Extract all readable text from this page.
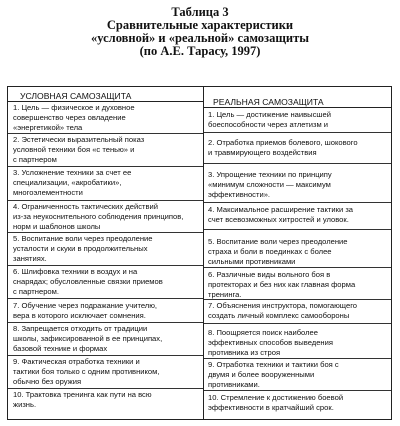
Таблица 3
Сравнительные характеристики
«условной» и «реальной» самозащиты
(по А.Е. Тарасу, 1997)
УСЛОВНАЯ САМОЗАЩИТА
РЕАЛЬНАЯ САМОЗАЩИТА
1. Цель — физическое и духовное
совершенство через овладение
«энергетикой» тела
2. Эстетически выразительный показ
условной техники боя «с тенью» и
с партнером
3. Усложнение техники за счет ее
специализации, «акробатики»,
многоэлементности
4. Ограниченность тактических действий
из-за неукоснительного соблюдения принципов,
норм и шаблонов школы
5. Воспитание воли через преодоление
усталости и скуки в продолжительных
занятиях.
6. Шлифовка техники в воздух и на
снарядах; обусловленные связки приемов
с партнером.
7. Обучение через подражание учителю,
вера в которого исключает сомнения.
8. Запрещается отходить от традиции
школы, зафиксированной в ее принципах,
базовой технике и формах
9. Фактическая отработка техники и
тактики боя только с одним противником,
обычно без оружия
10. Трактовка тренинга как пути на всю
жизнь.
1. Цель — достижение наивысшей
боеспособности через атлетизм и
2. Отработка приемов болевого, шокового
и травмирующего воздействия
3. Упрощение техники по принципу
«минимум сложности — максимум
эффективности».
4. Максимальное расширение тактики за
счет всевозможных хитростей и уловок.
5. Воспитание воли через преодоление
страха и боли в поединках с более
сильными противниками
6. Различные виды вольного боя в
протекторах и без них как главная форма
тренинга.
7. Объяснения инструктора, помогающего
создать личный комплекс самообороны
8. Поощряется поиск наиболее
эффективных способов выведения
противника из строя
9. Отработка техники и тактики боя с
двумя и более вооруженными
противниками.
10. Стремление к достижению боевой
эффективности в кратчайший срок.
